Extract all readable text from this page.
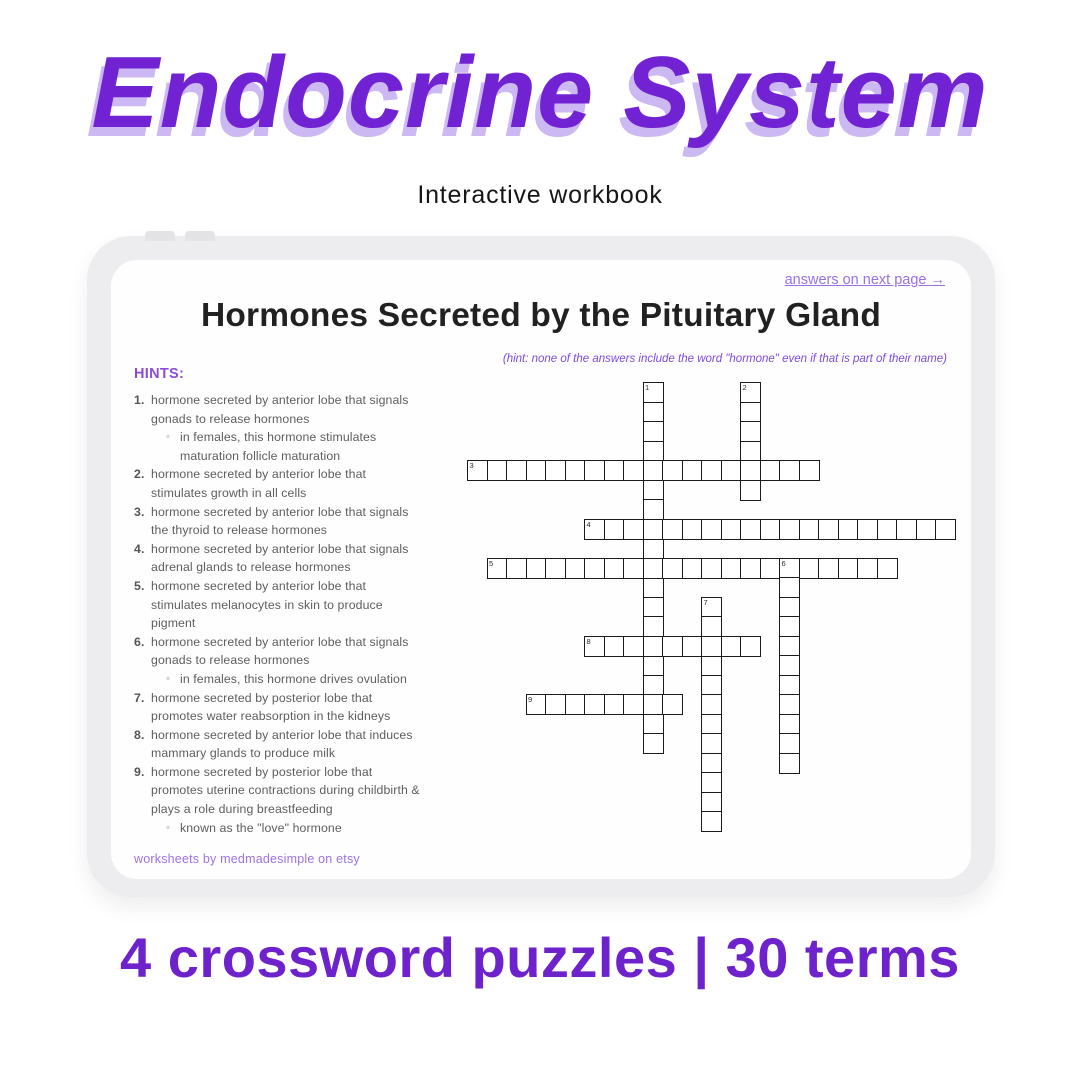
Endocrine System
Interactive workbook
answers on next page →
Hormones Secreted by the Pituitary Gland
(hint: none of the answers include the word "hormone" even if that is part of their name)
HINTS:
1. hormone secreted by anterior lobe that signals gonads to release hormones
◦ in females, this hormone stimulates maturation follicle maturation
2. hormone secreted by anterior lobe that stimulates growth in all cells
3. hormone secreted by anterior lobe that signals the thyroid to release hormones
4. hormone secreted by anterior lobe that signals adrenal glands to release hormones
5. hormone secreted by anterior lobe that stimulates melanocytes in skin to produce pigment
6. hormone secreted by anterior lobe that signals gonads to release hormones
◦ in females, this hormone drives ovulation
7. hormone secreted by posterior lobe that promotes water reabsorption in the kidneys
8. hormone secreted by anterior lobe that induces mammary glands to produce milk
9. hormone secreted by posterior lobe that promotes uterine contractions during childbirth & plays a role during breastfeeding
◦ known as the "love" hormone
1	2
3
4
5	6
7
8
9
worksheets by medmadesimple on etsy
4 crossword puzzles | 30 terms
